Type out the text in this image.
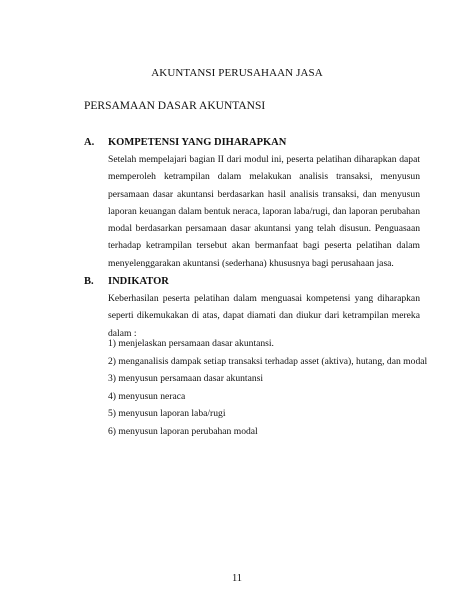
AKUNTANSI PERUSAHAAN JASA
PERSAMAAN DASAR AKUNTANSI
A. KOMPETENSI YANG DIHARAPKAN
Setelah mempelajari bagian II dari modul ini, peserta pelatihan diharapkan dapat memperoleh ketrampilan dalam melakukan analisis transaksi, menyusun persamaan dasar akuntansi berdasarkan hasil analisis transaksi, dan menyusun laporan keuangan dalam bentuk neraca, laporan laba/rugi, dan laporan perubahan modal berdasarkan persamaan dasar akuntansi yang telah disusun. Penguasaan terhadap ketrampilan tersebut akan bermanfaat bagi peserta pelatihan dalam menyelenggarakan akuntansi (sederhana) khususnya bagi perusahaan jasa.
B. INDIKATOR
Keberhasilan peserta pelatihan dalam menguasai kompetensi yang diharapkan seperti dikemukakan di atas, dapat diamati dan diukur dari ketrampilan mereka dalam :
1) menjelaskan persamaan dasar akuntansi.
2) menganalisis dampak setiap transaksi terhadap asset (aktiva), hutang, dan modal
3) menyusun persamaan dasar akuntansi
4) menyusun neraca
5) menyusun laporan laba/rugi
6) menyusun laporan perubahan modal
11
